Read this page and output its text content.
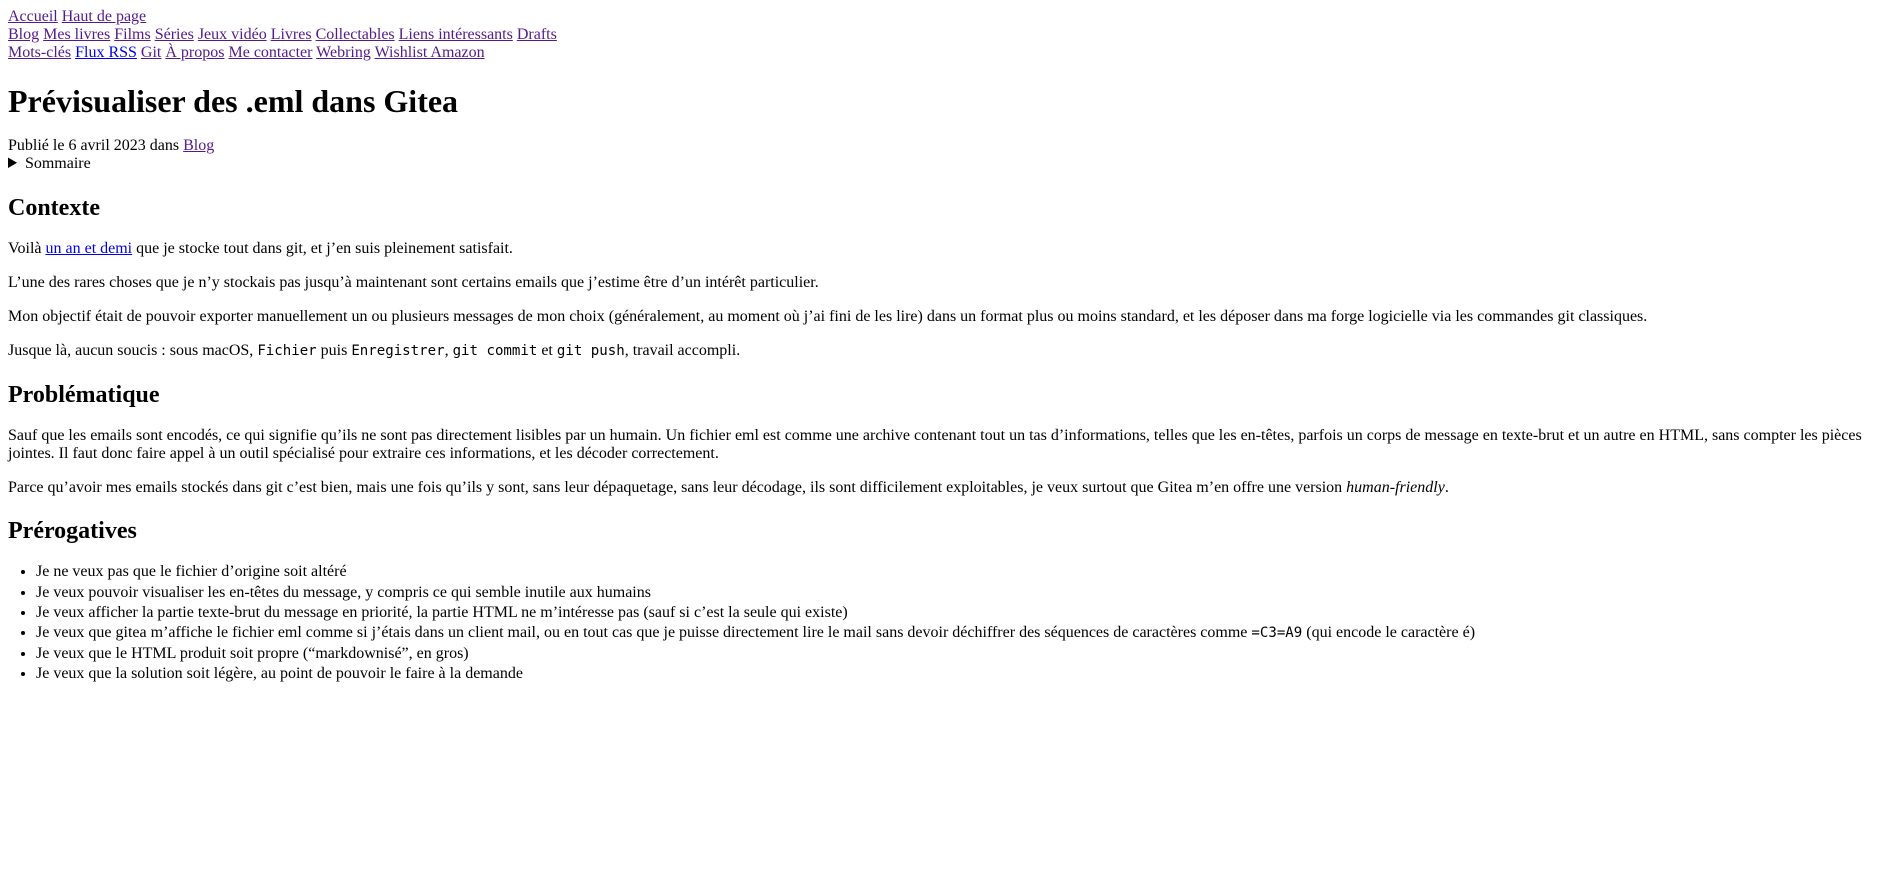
Accueil Haut de page
Blog Mes livres Films Séries Jeux vidéo Livres Collectables Liens intéressants Drafts
Mots-clés Flux RSS Git À propos Me contacter Webring Wishlist Amazon
Prévisualiser des .eml dans Gitea
Publié le 6 avril 2023 dans Blog
Sommaire
Contexte

Voilà un an et demi que je stocke tout dans git, et j’en suis pleinement satisfait.

L’une des rares choses que je n’y stockais pas jusqu’à maintenant sont certains emails que j’estime être d’un intérêt particulier.

Mon objectif était de pouvoir exporter manuellement un ou plusieurs messages de mon choix (généralement, au moment où j’ai fini de les lire) dans un format plus ou moins standard, et les déposer dans ma forge logicielle via les commandes git classiques.

Jusque là, aucun soucis : sous macOS, Fichier puis Enregistrer, git commit et git push, travail accompli.

Problématique

Sauf que les emails sont encodés, ce qui signifie qu’ils ne sont pas directement lisibles par un humain. Un fichier eml est comme une archive contenant tout un tas d’informations, telles que les en-têtes, parfois un corps de message en texte-brut et un autre en HTML, sans compter les pièces jointes. Il faut donc faire appel à un outil spécialisé pour extraire ces informations, et les décoder correctement.

Parce qu’avoir mes emails stockés dans git c’est bien, mais une fois qu’ils y sont, sans leur dépaquetage, sans leur décodage, ils sont difficilement exploitables, je veux surtout que Gitea m’en offre une version human-friendly.

Prérogatives
• Je ne veux pas que le fichier d’origine soit altéré
• Je veux pouvoir visualiser les en-têtes du message, y compris ce qui semble inutile aux humains
• Je veux afficher la partie texte-brut du message en priorité, la partie HTML ne m’intéresse pas (sauf si c’est la seule qui existe)
• Je veux que gitea m’affiche le fichier eml comme si j’étais dans un client mail, ou en tout cas que je puisse directement lire le mail sans devoir déchiffrer des séquences de caractères comme =C3=A9 (qui encode le caractère é)
• Je veux que le HTML produit soit propre (“markdownisé”, en gros)
• Je veux que la solution soit légère, au point de pouvoir le faire à la demande
